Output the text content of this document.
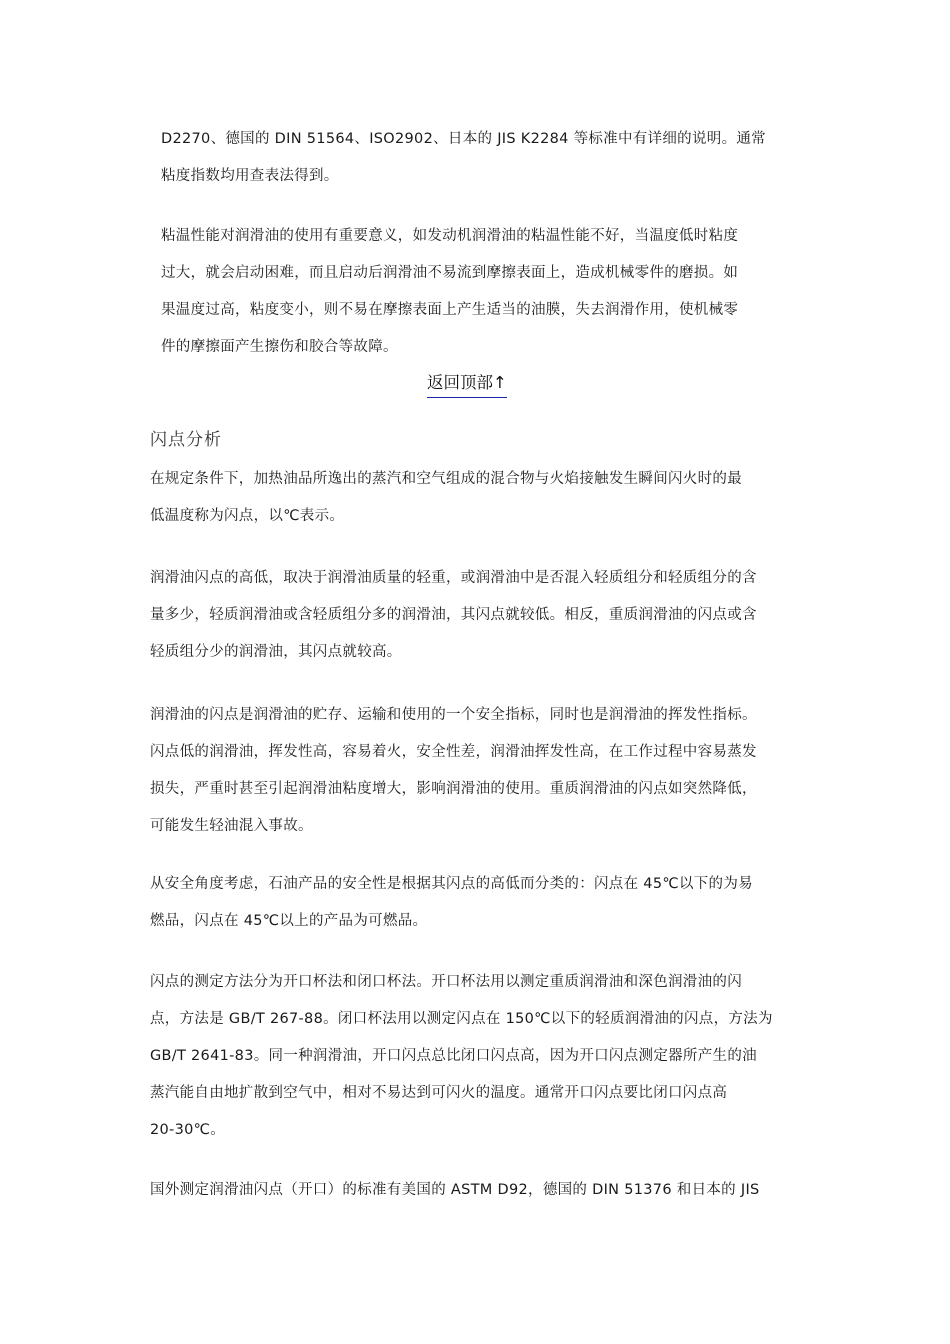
D2270、德国的 DIN 51564、ISO2902、日本的 JIS K2284 等标准中有详细的说明。通常
粘度指数均用查表法得到。
粘温性能对润滑油的使用有重要意义，如发动机润滑油的粘温性能不好，当温度低时粘度
过大，就会启动困难，而且启动后润滑油不易流到摩擦表面上，造成机械零件的磨损。如
果温度过高，粘度变小，则不易在摩擦表面上产生适当的油膜，失去润滑作用，使机械零
件的摩擦面产生擦伤和胶合等故障。
返回顶部↑
闪点分析
在规定条件下，加热油品所逸出的蒸汽和空气组成的混合物与火焰接触发生瞬间闪火时的最
低温度称为闪点，以℃表示。
润滑油闪点的高低，取决于润滑油质量的轻重，或润滑油中是否混入轻质组分和轻质组分的含
量多少，轻质润滑油或含轻质组分多的润滑油，其闪点就较低。相反，重质润滑油的闪点或含
轻质组分少的润滑油，其闪点就较高。
润滑油的闪点是润滑油的贮存、运输和使用的一个安全指标，同时也是润滑油的挥发性指标。
闪点低的润滑油，挥发性高，容易着火，安全性差，润滑油挥发性高，在工作过程中容易蒸发
损失，严重时甚至引起润滑油粘度增大，影响润滑油的使用。重质润滑油的闪点如突然降低，
可能发生轻油混入事故。
从安全角度考虑，石油产品的安全性是根据其闪点的高低而分类的：闪点在 45℃以下的为易
燃品，闪点在 45℃以上的产品为可燃品。
闪点的测定方法分为开口杯法和闭口杯法。开口杯法用以测定重质润滑油和深色润滑油的闪
点，方法是 GB/T 267-88。闭口杯法用以测定闪点在 150℃以下的轻质润滑油的闪点，方法为
GB/T 2641-83。同一种润滑油，开口闪点总比闭口闪点高，因为开口闪点测定器所产生的油
蒸汽能自由地扩散到空气中，相对不易达到可闪火的温度。通常开口闪点要比闭口闪点高
20-30℃。
国外测定润滑油闪点（开口）的标准有美国的 ASTM D92，德国的 DIN 51376 和日本的 JIS
